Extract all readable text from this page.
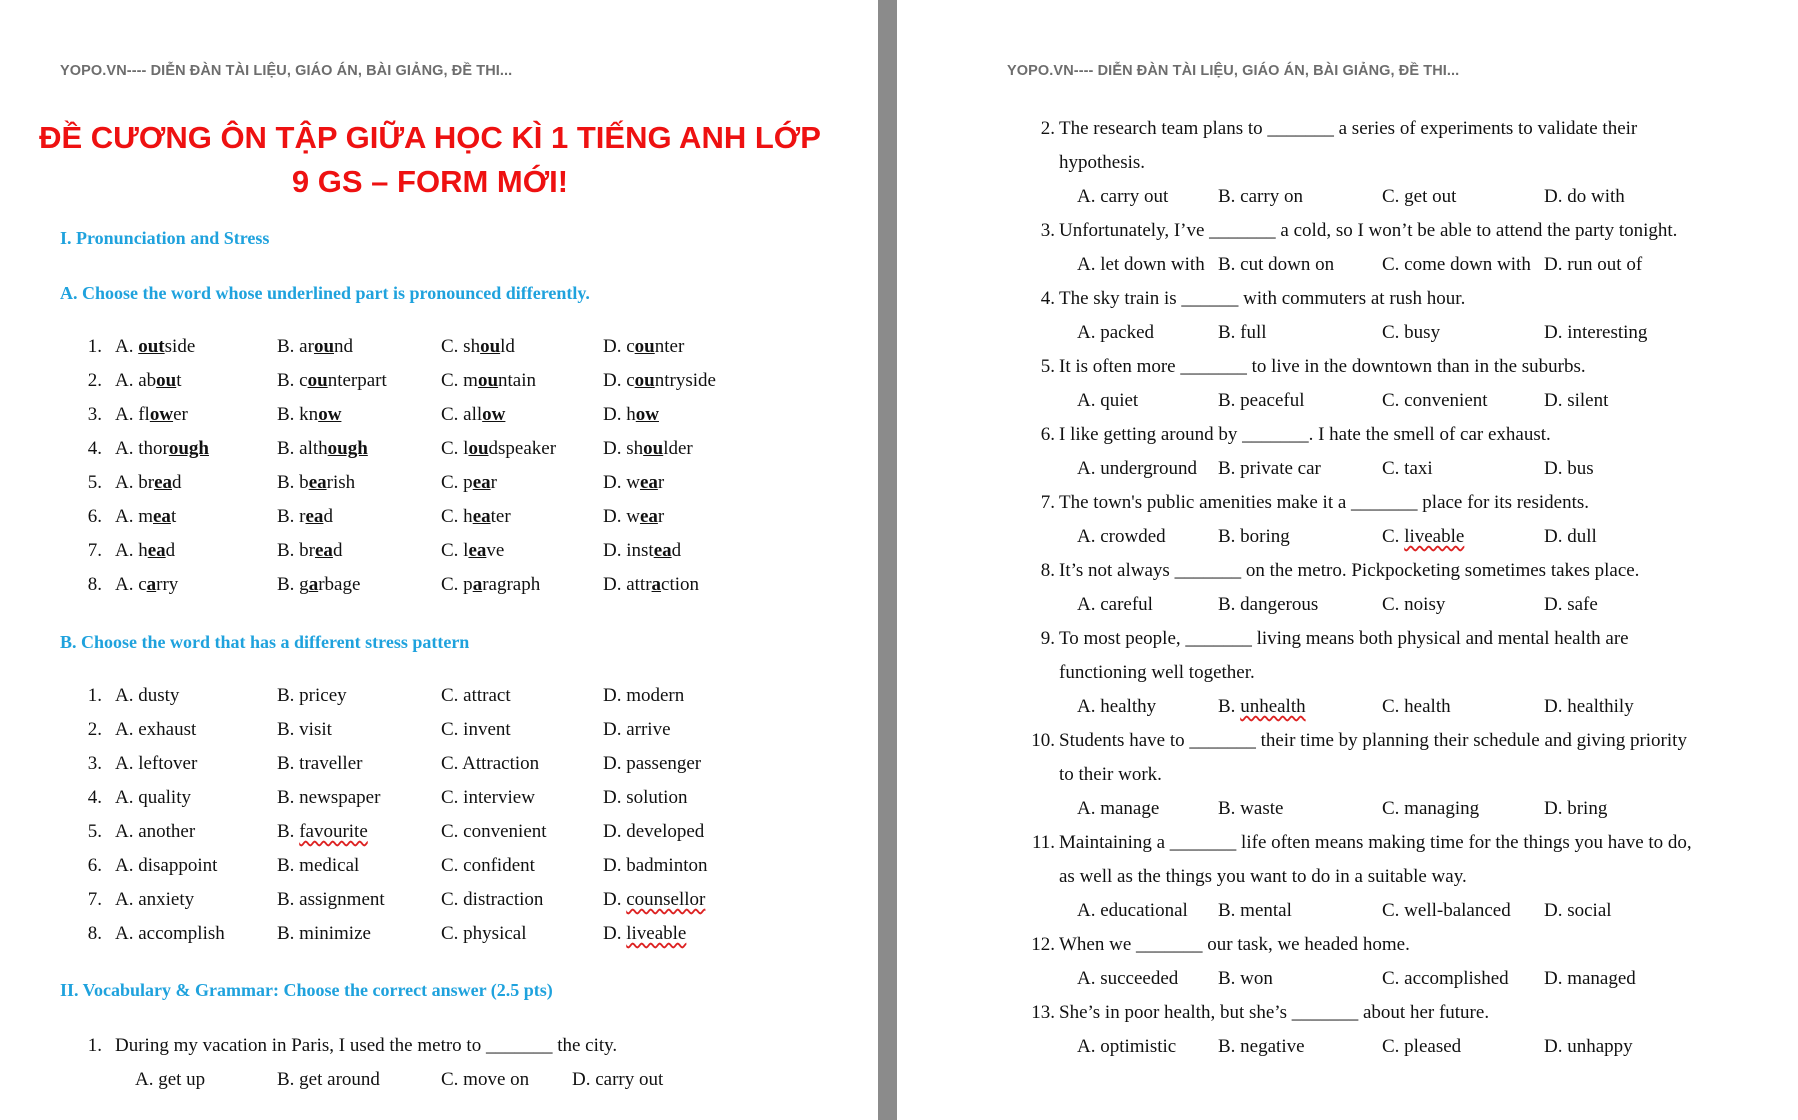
YOPO.VN---- DIỄN ĐÀN TÀI LIỆU, GIÁO ÁN, BÀI GIẢNG, ĐỀ THI...
ĐỀ CƯƠNG ÔN TẬP GIỮA HỌC KÌ 1 TIẾNG ANH LỚP
9 GS – FORM MỚI!
I. Pronunciation and Stress
A. Choose the word whose underlined part is pronounced differently.
1. A. outside	B. around	C. should	D. counter
2. A. about	B. counterpart	C. mountain	D. countryside
3. A. flower	B. know	C. allow	D. how
4. A. thorough	B. although	C. loudspeaker D. shoulder
5. A. bread	B. bearish	C. pear	D. wear
6. A. meat	B. read	C. heater	D. wear
7. A. head	B. bread	C. leave	D. instead
8. A. carry	B. garbage	C. paragraph	D. attraction
B. Choose the word that has a different stress pattern
1. A. dusty	B. pricey	C. attract	D. modern
2. A. exhaust	B. visit	C. invent	D. arrive
3. A. leftover	B. traveller	C. Attraction	D. passenger
4. A. quality	B. newspaper	C. interview	D. solution
5. A. another	B. favourite	C. convenient	D. developed
6. A. disappoint	B. medical	C. confident	D. badminton
7. A. anxiety	B. assignment	C. distraction	D. counsellor
8. A. accomplish	B. minimize	C. physical	D. liveable
II. Vocabulary & Grammar: Choose the correct answer (2.5 pts)
1. During my vacation in Paris, I used the metro to _______ the city.
A. get up	B. get around	C. move on D. carry out
YOPO.VN---- DIỄN ĐÀN TÀI LIỆU, GIÁO ÁN, BÀI GIẢNG, ĐỀ THI...
2. The research team plans to _______ a series of experiments to validate their
hypothesis.
A. carry out	B. carry on	C. get out	D. do with
3. Unfortunately, I’ve _______ a cold, so I won’t be able to attend the party tonight.
A. let down with B. cut down on	C. come down with D. run out of
4. The sky train is ______ with commuters at rush hour.
A. packed	B. full	C. busy	D. interesting
5. It is often more _______ to live in the downtown than in the suburbs.
A. quiet	B. peaceful	C. convenient	D. silent
6. I like getting around by _______. I hate the smell of car exhaust.
A. underground B. private car	C. taxi	D. bus
7. The town's public amenities make it a _______ place for its residents.
A. crowded	B. boring	C. liveable	D. dull
8. It’s not always _______ on the metro. Pickpocketing sometimes takes place.
A. careful	B. dangerous	C. noisy	D. safe
9. To most people, _______ living means both physical and mental health are
functioning well together.
A. healthy	B. unhealth	C. health	D. healthily
10. Students have to _______ their time by planning their schedule and giving priority
to their work.
A. manage	B. waste	C. managing	D. bring
11. Maintaining a _______ life often means making time for the things you have to do,
as well as the things you want to do in a suitable way.
A. educational B. mental	C. well-balanced D. social
12. When we _______ our task, we headed home.
A. succeeded B. won	C. accomplished D. managed
13. She’s in poor health, but she’s _______ about her future.
A. optimistic B. negative	C. pleased	D. unhappy
